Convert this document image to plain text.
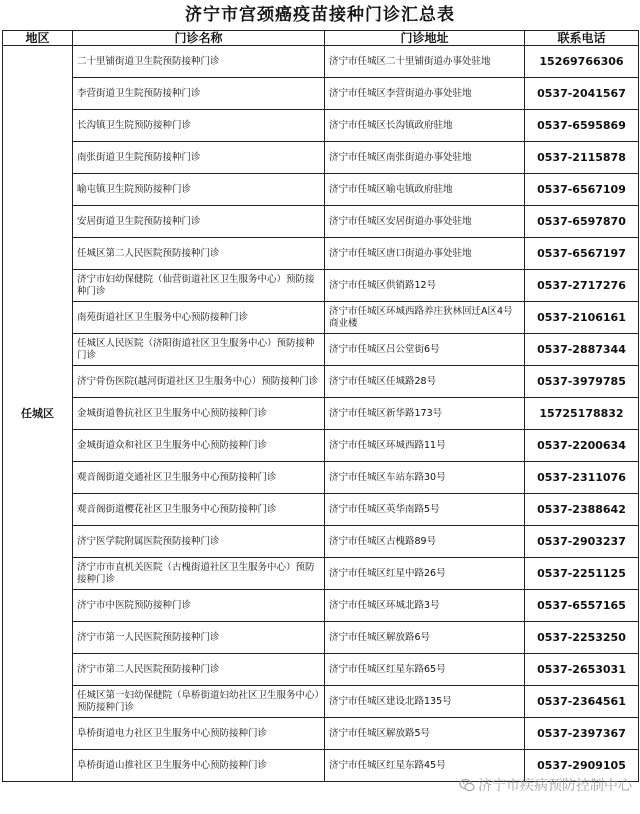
济宁市宫颈癌疫苗接种门诊汇总表
地区	门诊名称	门诊地址	联系电话
任城区	二十里铺街道卫生院预防接种门诊	济宁市任城区二十里铺街道办事处驻地	15269766306
	李营街道卫生院预防接种门诊	济宁市任城区李营街道办事处驻地	0537-2041567
	长沟镇卫生院预防接种门诊	济宁市任城区长沟镇政府驻地	0537-6595869
	南张街道卫生院预防接种门诊	济宁市任城区南张街道办事处驻地	0537-2115878
	喻屯镇卫生院预防接种门诊	济宁市任城区喻屯镇政府驻地	0537-6567109
	安居街道卫生院预防接种门诊	济宁市任城区安居街道办事处驻地	0537-6597870
	任城区第二人民医院预防接种门诊	济宁市任城区唐口街道办事处驻地	0537-6567197
	济宁市妇幼保健院（仙营街道社区卫生服务中心）预防接种门诊	济宁市任城区供销路12号	0537-2717276
	南苑街道社区卫生服务中心预防接种门诊	济宁市任城区环城西路养庄狄林回迁A区4号商业楼	0537-2106161
	任城区人民医院（济阳街道社区卫生服务中心）预防接种门诊	济宁市任城区吕公堂街6号	0537-2887344
	济宁骨伤医院(越河街道社区卫生服务中心）预防接种门诊	济宁市任城区任城路28号	0537-3979785
	金城街道鲁抗社区卫生服务中心预防接种门诊	济宁市任城区新华路173号	15725178832
	金城街道众和社区卫生服务中心预防接种门诊	济宁市任城区环城西路11号	0537-2200634
	观音阁街道交通社区卫生服务中心预防接种门诊	济宁市任城区车站东路30号	0537-2311076
	观音阁街道樱花社区卫生服务中心预防接种门诊	济宁市任城区英华南路5号	0537-2388642
	济宁医学院附属医院预防接种门诊	济宁市任城区古槐路89号	0537-2903237
	济宁市市直机关医院（古槐街道社区卫生服务中心）预防接种门诊	济宁市任城区红星中路26号	0537-2251125
	济宁市中医院预防接种门诊	济宁市任城区环城北路3号	0537-6557165
	济宁市第一人民医院预防接种门诊	济宁市任城区解放路6号	0537-2253250
	济宁市第二人民医院预防接种门诊	济宁市任城区红星东路65号	0537-2653031
	任城区第一妇幼保健院（阜桥街道妇幼社区卫生服务中心）预防接种门诊	济宁市任城区建设北路135号	0537-2364561
	阜桥街道电力社区卫生服务中心预防接种门诊	济宁市任城区解放路5号	0537-2397367
	阜桥街道山推社区卫生服务中心预防接种门诊	济宁市任城区红星东路45号	0537-2909105
济宁市疾病预防控制中心
